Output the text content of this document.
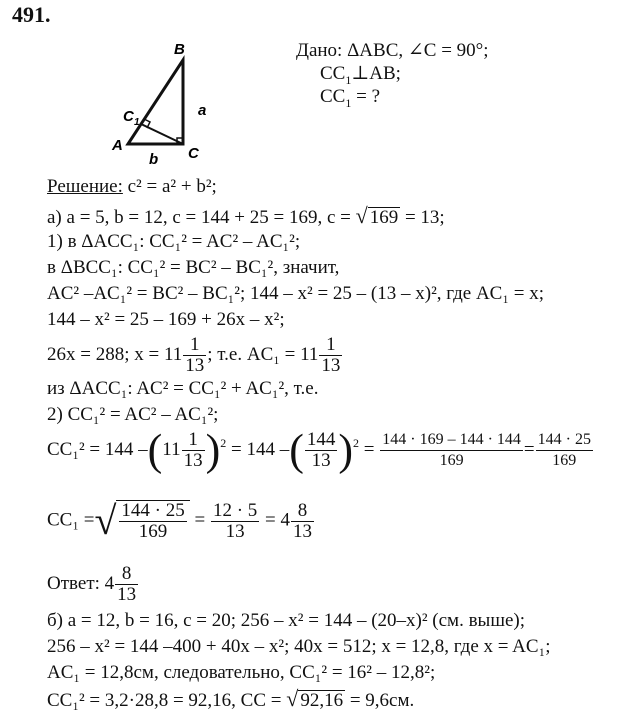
491.
B
A	C
C 1
a
b
Дано: ΔABC, ∠C = 90°;
$CC_1\perp AB$;
$CC_1$ = ?
Решение: c² = a² + b²;
а) a = 5, b = 12, c = 144 + 25 = 169, c = √ 169 = 13;
1) в ΔACC₁: CC₁² = AC² – AC₁²;
в ΔBCC₁: CC₁² = BC² – BC₁², значит,
AC² –AC₁² = BC² – BC₁²; 144 – x² = 25 – (13 – x)², где AC₁ = x;
144 – x² = 25 – 169 + 26x – x²;
26x = 288; $x = 11 \frac{1}{13}$ ; т.е. $AC_1 = 11 \frac{1}{13}$
из ΔACC₁: AC² = CC₁² + AC₁², т.е.
2) CC₁² = AC² – AC₁²;
CC₁² = 144 $-(11 \frac{1}{13} )^2 = 144$ –( $\frac{144}{13} )^2 = \frac{144 \cdot 169 - 144 \cdot 144}{169} = \frac{144 \cdot 25}{169}$
CC₁ =√ $\frac{144 \cdot 25}{169} = \frac{12 \cdot 5}{13} = 4 \frac{8}{13}$
Ответ: $4 \frac{8}{13}$
б) a = 12, b = 16, c = 20; 256 – x² = 144 – (20–x)² (см. выше);
256 – x² = 144 –400 + 40x – x²; 40x = 512; x = 12,8, где x = AC₁;
AC₁ = 12,8см, следовательно, CC₁² = 16² – 12,8²;
CC₁² = 3,2·28,8 = 92,16, CC = √ 92,16 = 9,6см.
